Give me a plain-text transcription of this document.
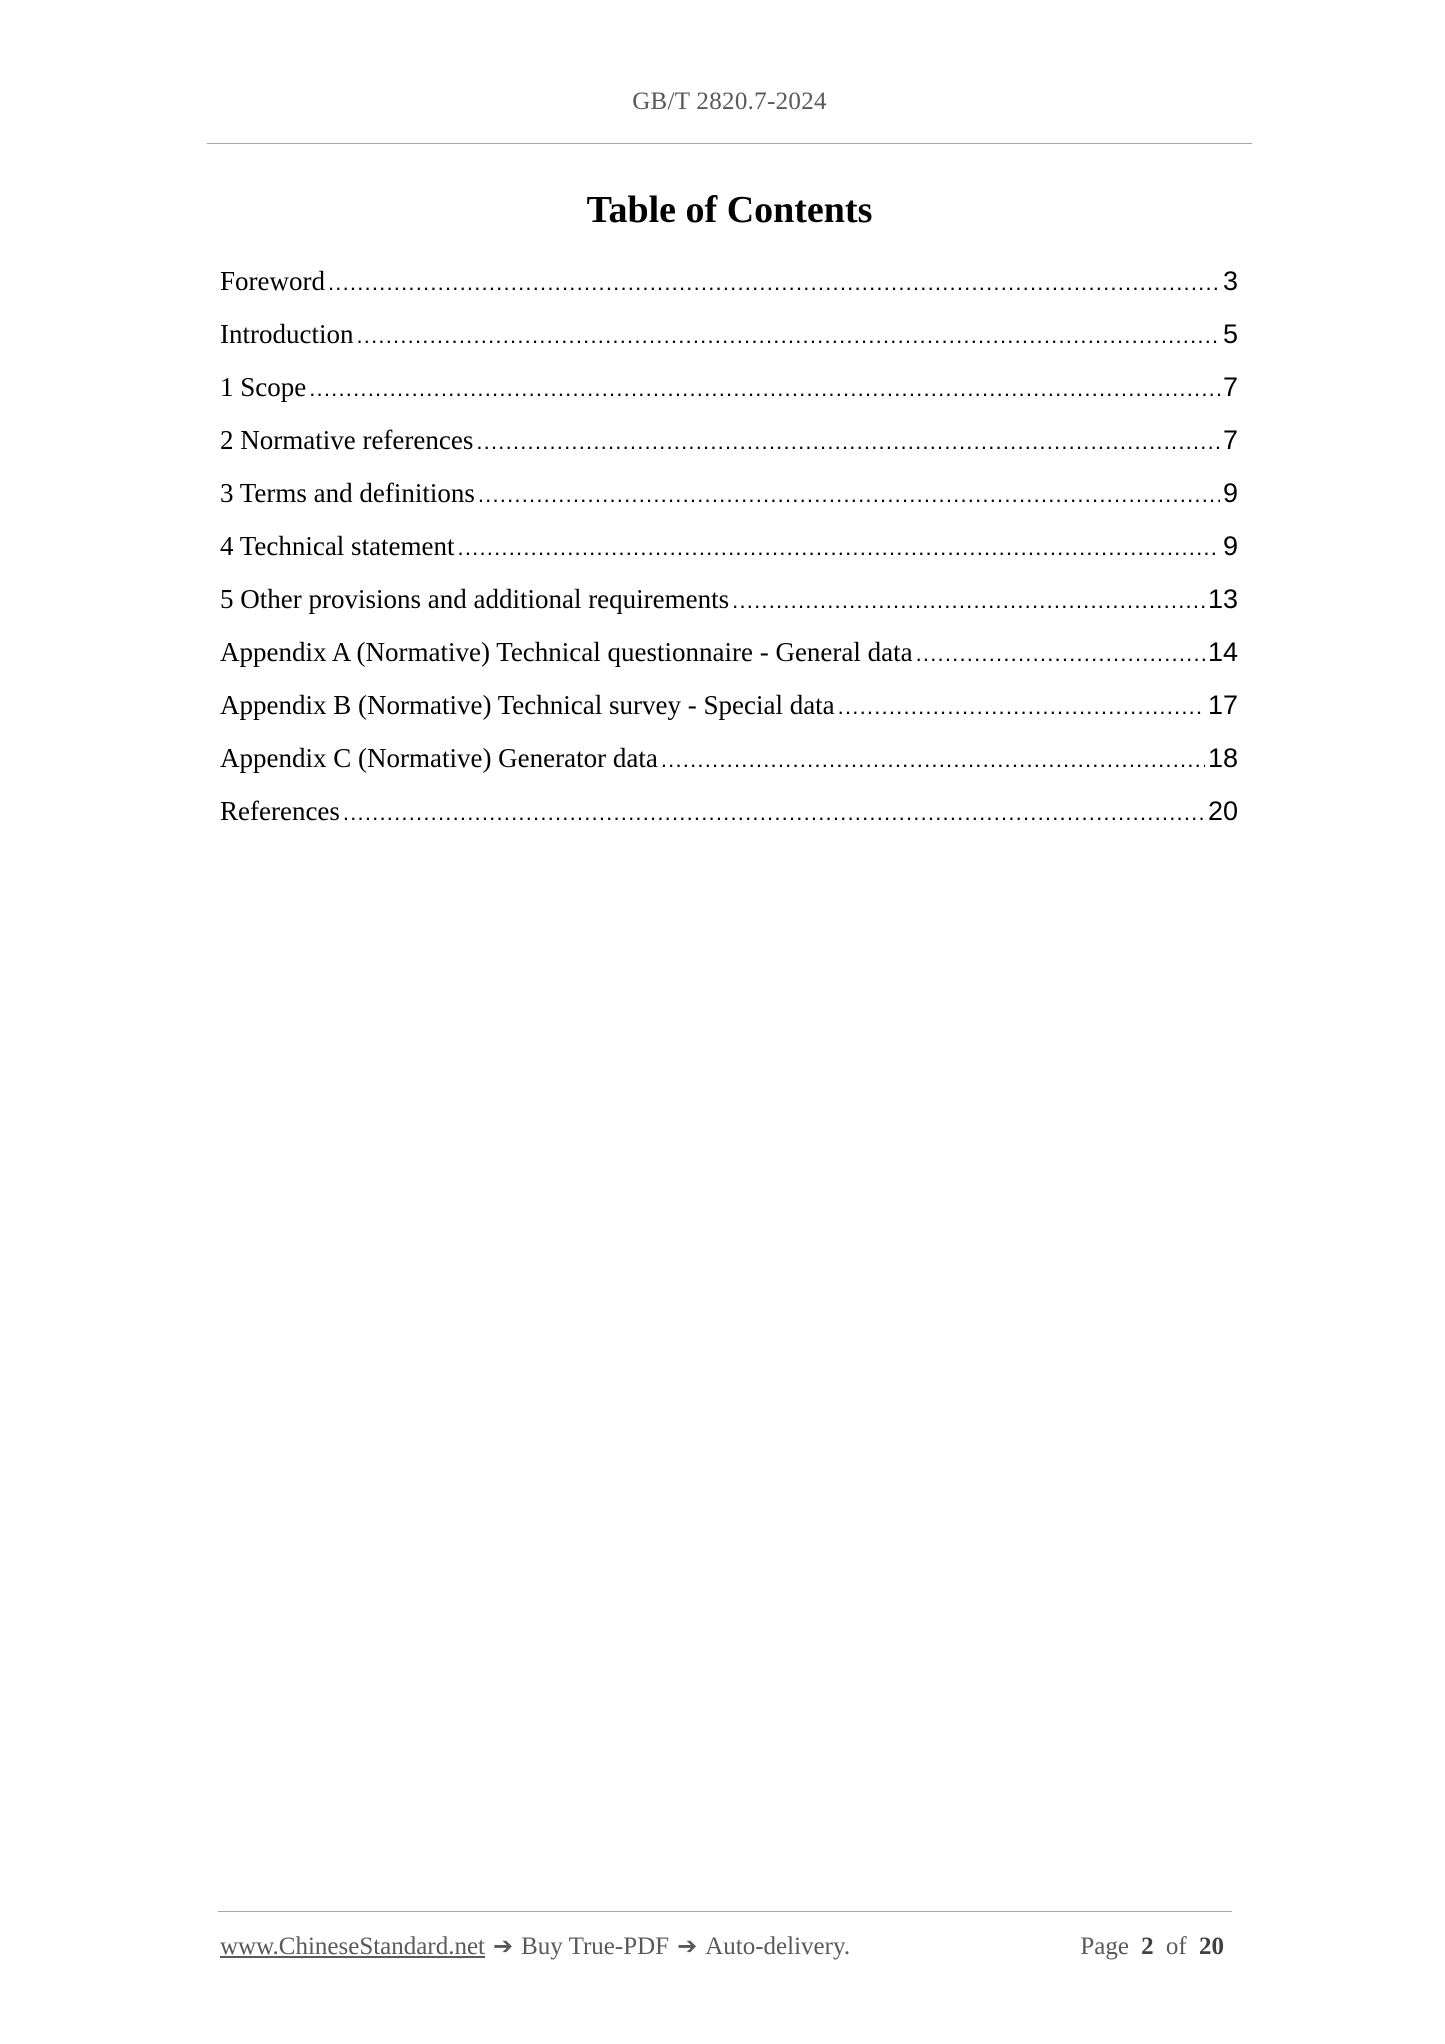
GB/T 2820.7-2024
Table of Contents
Foreword .....	3
Introduction .....	5
1 Scope .....	7
2 Normative references .....	7
3 Terms and definitions .....	9
4 Technical statement .....	9
5 Other provisions and additional requirements .....	13
Appendix A (Normative) Technical questionnaire - General data .....	14
Appendix B (Normative) Technical survey - Special data .....	17
Appendix C (Normative) Generator data .....	18
References .....	20
www.ChineseStandard.net ➔ Buy True-PDF ➔ Auto-delivery.	Page 2 of 20
